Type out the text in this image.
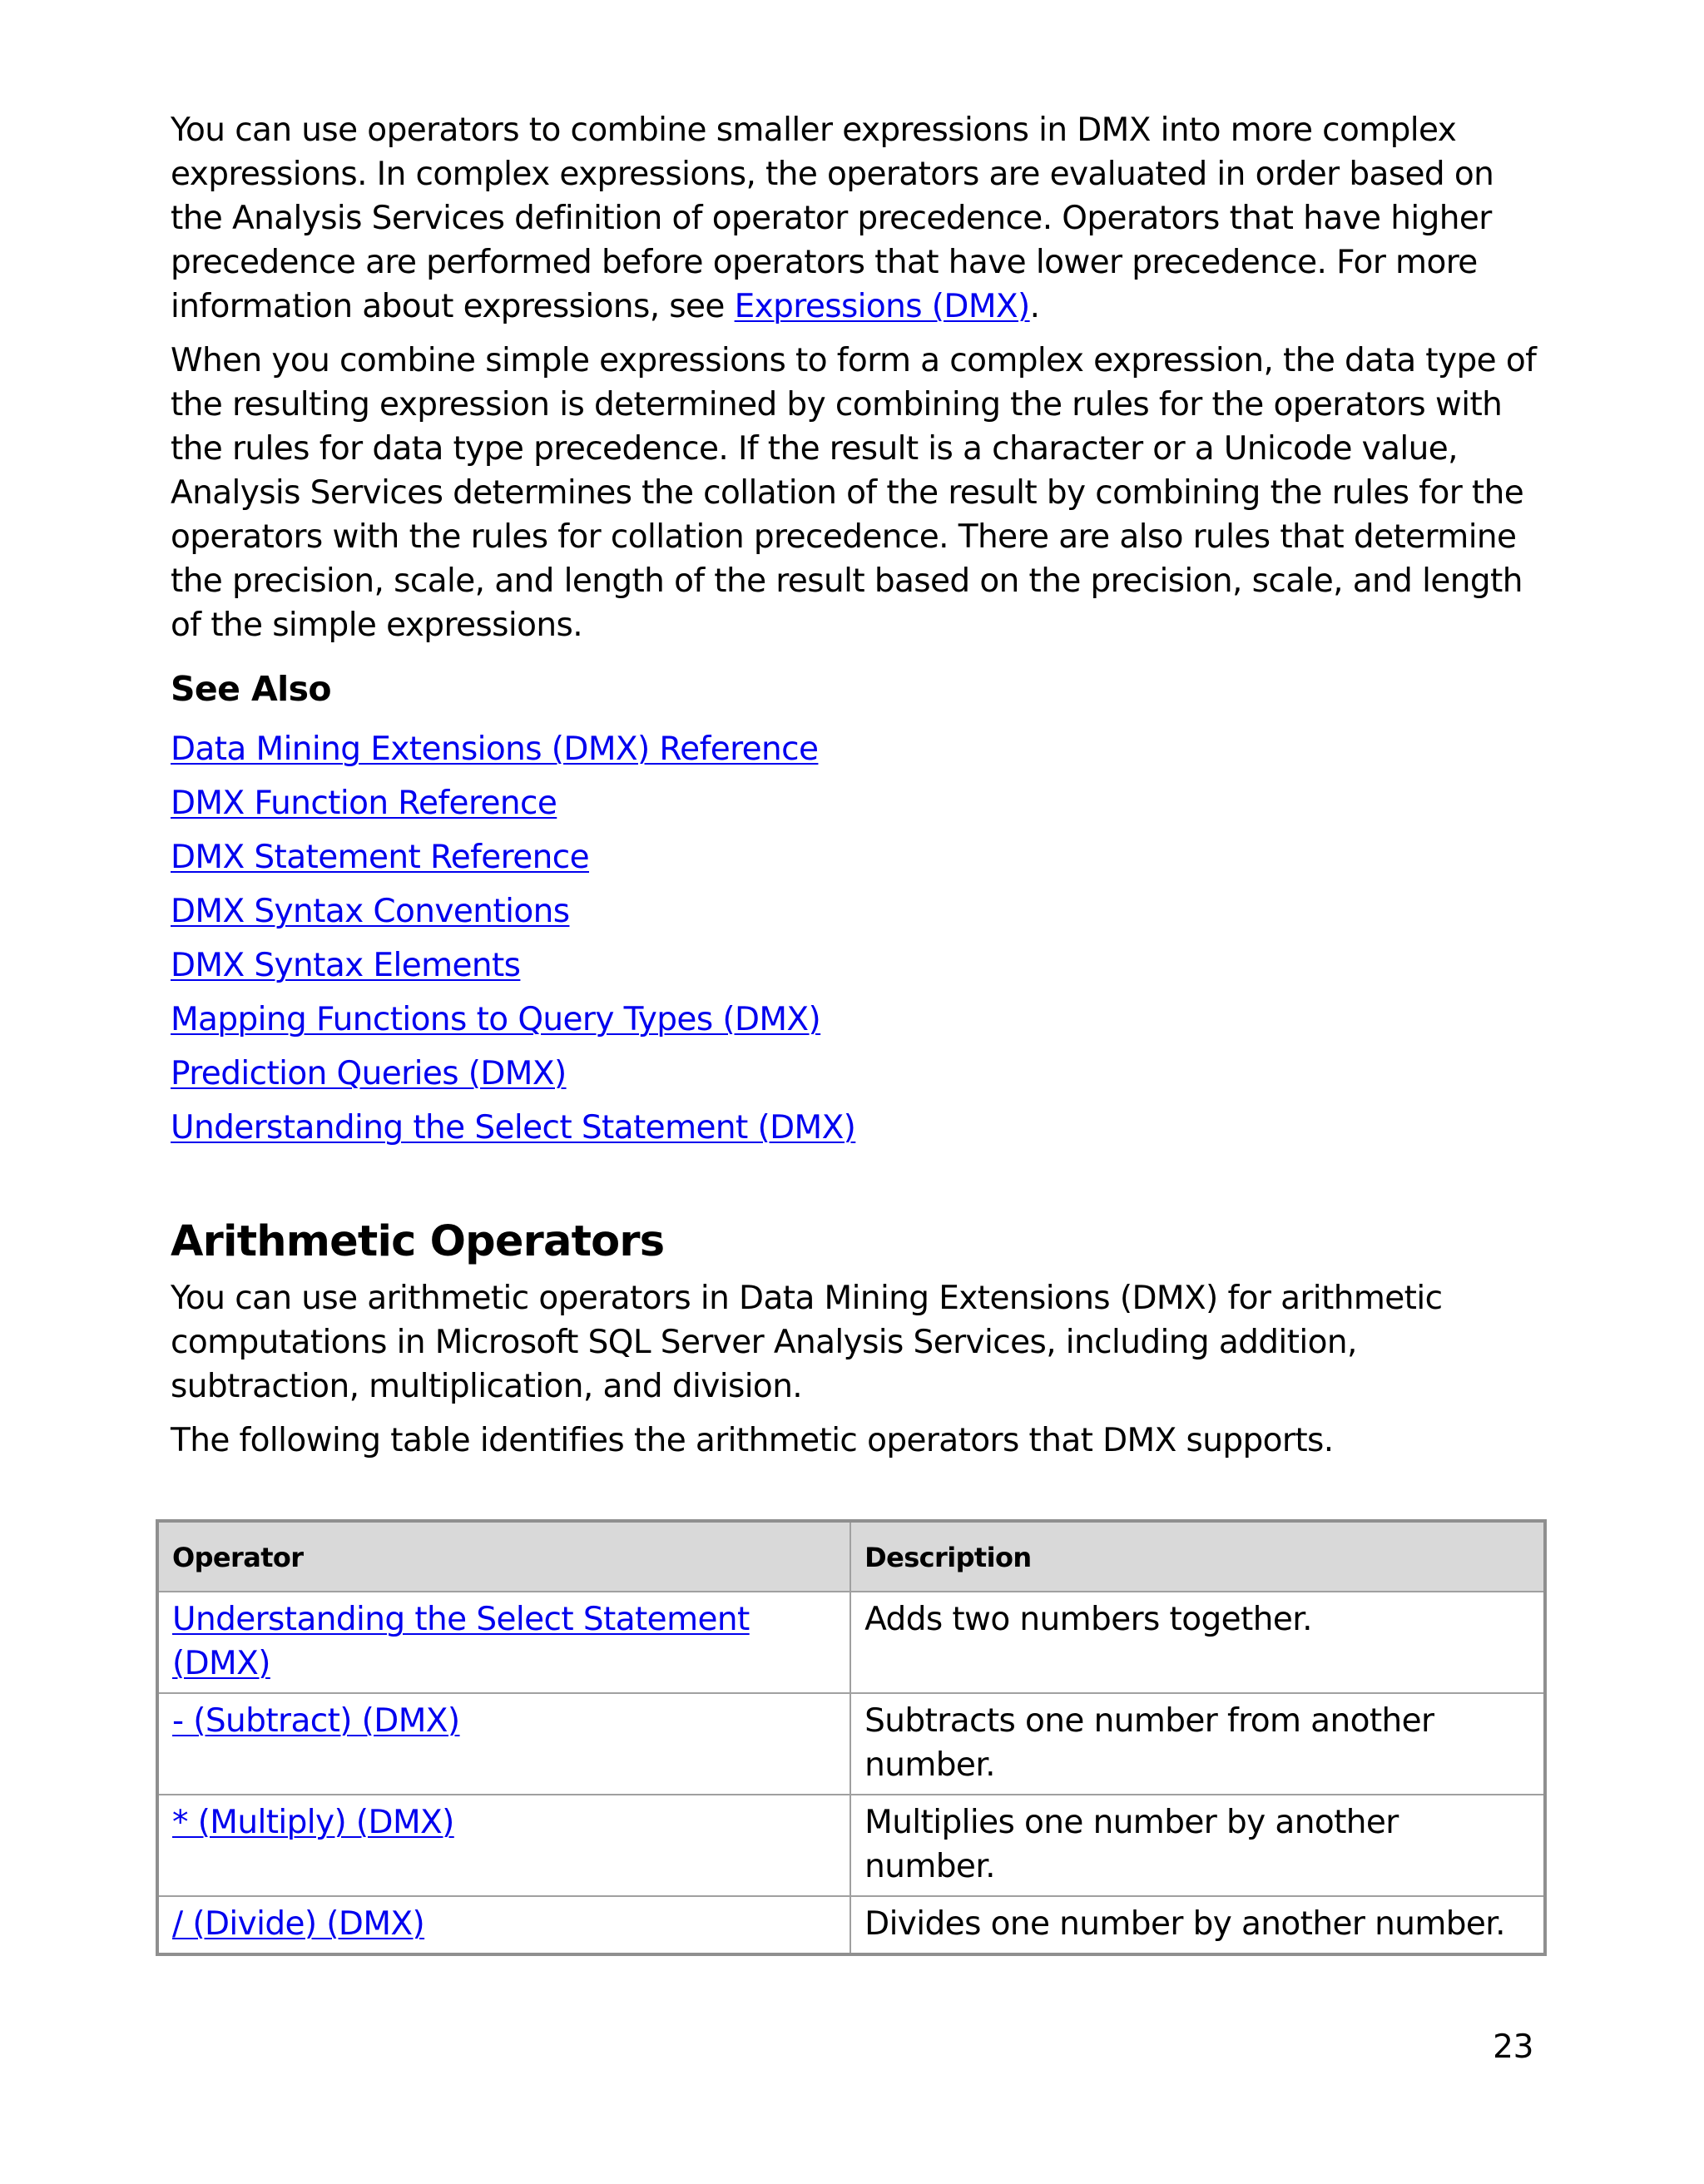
You can use operators to combine smaller expressions in DMX into more complex expressions. In complex expressions, the operators are evaluated in order based on the Analysis Services definition of operator precedence. Operators that have higher precedence are performed before operators that have lower precedence. For more information about expressions, see Expressions (DMX).

When you combine simple expressions to form a complex expression, the data type of the resulting expression is determined by combining the rules for the operators with the rules for data type precedence. If the result is a character or a Unicode value, Analysis Services determines the collation of the result by combining the rules for the operators with the rules for collation precedence. There are also rules that determine the precision, scale, and length of the result based on the precision, scale, and length of the simple expressions.

See Also
Data Mining Extensions (DMX) Reference
DMX Function Reference
DMX Statement Reference
DMX Syntax Conventions
DMX Syntax Elements
Mapping Functions to Query Types (DMX)
Prediction Queries (DMX)
Understanding the Select Statement (DMX)
Arithmetic Operators

You can use arithmetic operators in Data Mining Extensions (DMX) for arithmetic computations in Microsoft SQL Server Analysis Services, including addition, subtraction, multiplication, and division.

The following table identifies the arithmetic operators that DMX supports.

Operator	Description
Understanding the Select Statement (DMX)	Adds two numbers together.
- (Subtract) (DMX)	Subtracts one number from another number.
* (Multiply) (DMX)	Multiplies one number by another number.
/ (Divide) (DMX)	Divides one number by another number.
23
